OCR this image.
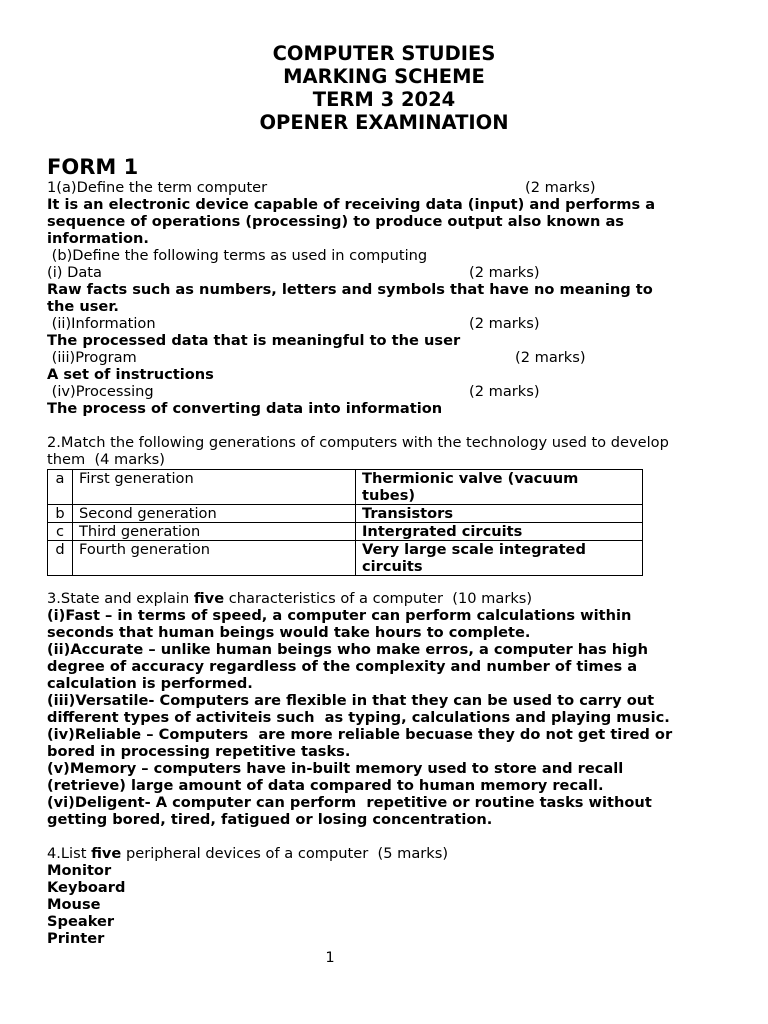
COMPUTER STUDIES
MARKING SCHEME
TERM 3 2024
OPENER EXAMINATION
FORM 1

1(a)Define the term computer	(2 marks)

It is an electronic device capable of receiving data (input) and performs a

sequence of operations (processing) to produce output also known as

information.

(b)Define the following terms as used in computing

(i) Data	(2 marks)

Raw facts such as numbers, letters and symbols that have no meaning to

the user.

(ii)Information	(2 marks)

The processed data that is meaningful to the user

(iii)Program	(2 marks)

A set of instructions

(iv)Processing	(2 marks)

The process of converting data into information

2.Match the following generations of computers with the technology used to develop

them  (4 marks)

a	First generation	Thermionic valve (vacuum tubes)
b	Second generation	Transistors
c	Third generation	Intergrated circuits
d	Fourth generation	Very large scale integrated circuits

3.State and explain five characteristics of a computer  (10 marks)

(i)Fast – in terms of speed, a computer can perform calculations within

seconds that human beings would take hours to complete.

(ii)Accurate – unlike human beings who make erros, a computer has high

degree of accuracy regardless of the complexity and number of times a

calculation is performed.

(iii)Versatile- Computers are flexible in that they can be used to carry out

different types of activiteis such  as typing, calculations and playing music.

(iv)Reliable – Computers  are more reliable becuase they do not get tired or

bored in processing repetitive tasks.

(v)Memory – computers have in-built memory used to store and recall

(retrieve) large amount of data compared to human memory recall.

(vi)Deligent- A computer can perform  repetitive or routine tasks without

getting bored, tired, fatigued or losing concentration.

4.List five peripheral devices of a computer  (5 marks)

Monitor

Keyboard

Mouse

Speaker

Printer

1
